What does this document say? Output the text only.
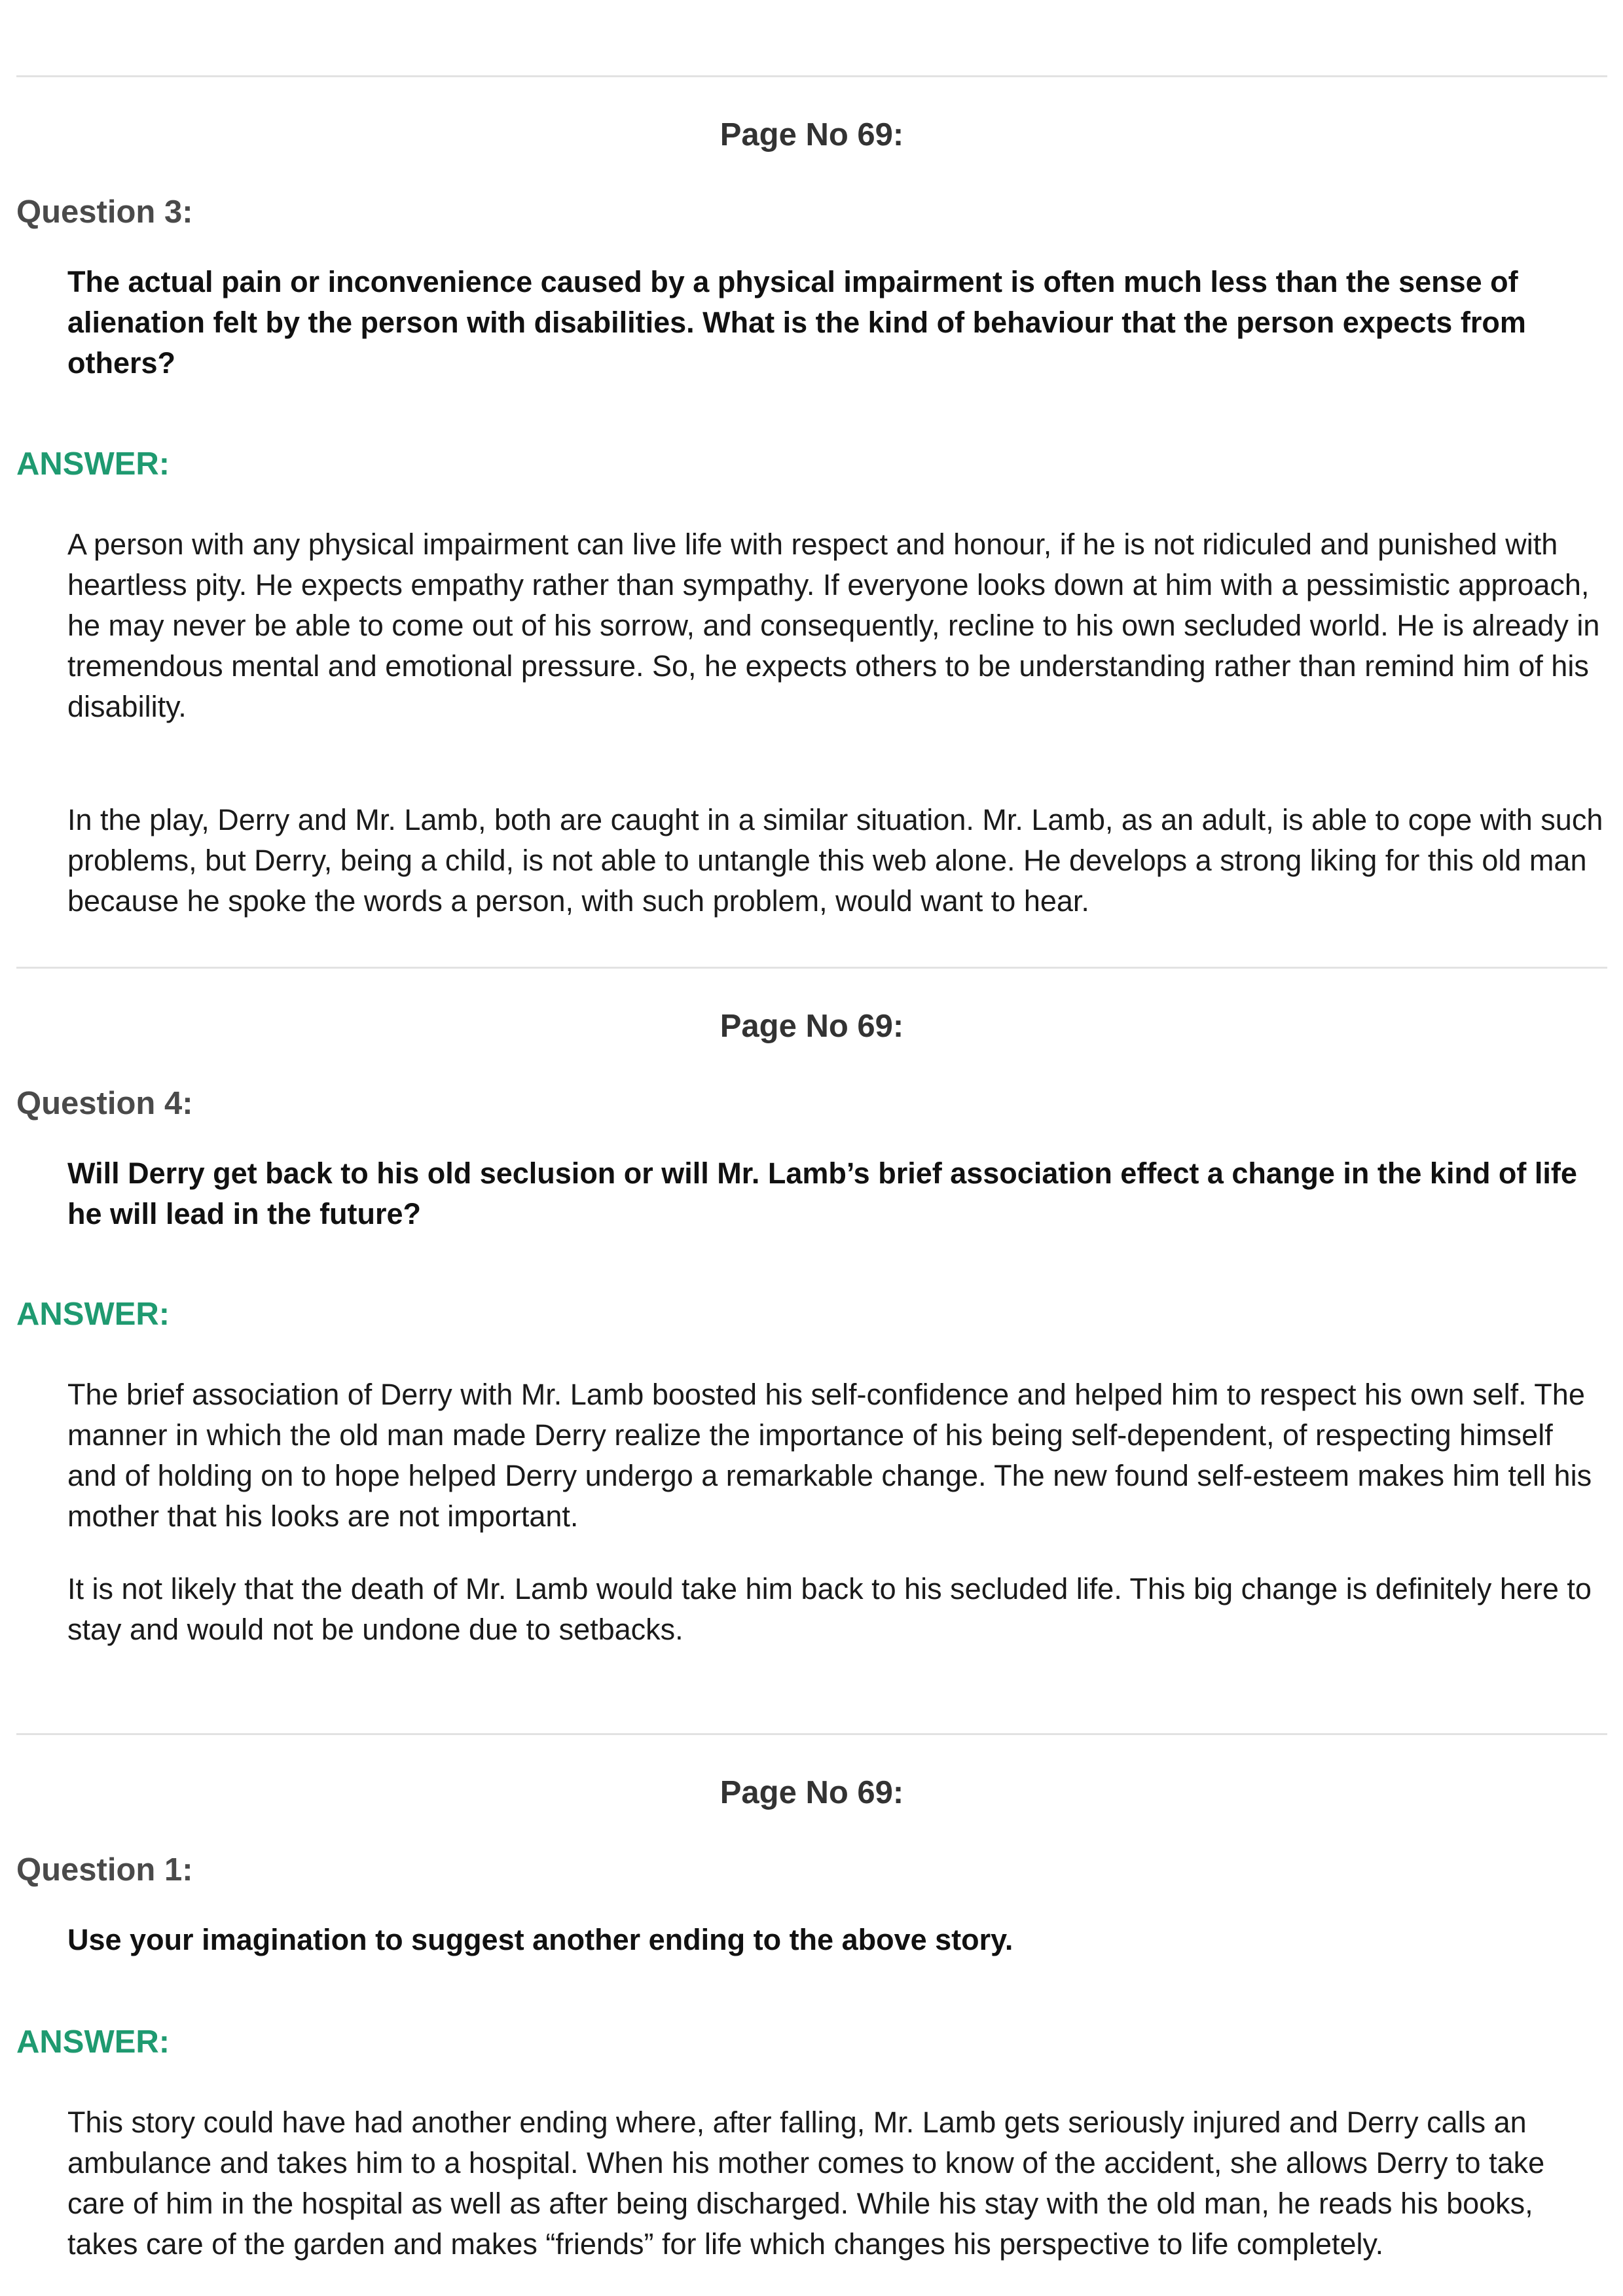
Page No 69:
Question 3:
The actual pain or inconvenience caused by a physical impairment is often much less than the sense of alienation felt by the person with disabilities. What is the kind of behaviour that the person expects from others?
ANSWER:
A person with any physical impairment can live life with respect and honour, if he is not ridiculed and punished with heartless pity. He expects empathy rather than sympathy. If everyone looks down at him with a pessimistic approach, he may never be able to come out of his sorrow, and consequently, recline to his own secluded world. He is already in tremendous mental and emotional pressure. So, he expects others to be understanding rather than remind him of his disability.
In the play, Derry and Mr. Lamb, both are caught in a similar situation. Mr. Lamb, as an adult, is able to cope with such problems, but Derry, being a child, is not able to untangle this web alone. He develops a strong liking for this old man because he spoke the words a person, with such problem, would want to hear.
Page No 69:
Question 4:
Will Derry get back to his old seclusion or will Mr. Lamb’s brief association effect a change in the kind of life he will lead in the future?
ANSWER:
The brief association of Derry with Mr. Lamb boosted his self-confidence and helped him to respect his own self. The manner in which the old man made Derry realize the importance of his being self-dependent, of respecting himself and of holding on to hope helped Derry undergo a remarkable change. The new found self-esteem makes him tell his mother that his looks are not important.
It is not likely that the death of Mr. Lamb would take him back to his secluded life. This big change is definitely here to stay and would not be undone due to setbacks.
Page No 69:
Question 1:
Use your imagination to suggest another ending to the above story.
ANSWER:
This story could have had another ending where, after falling, Mr. Lamb gets seriously injured and Derry calls an ambulance and takes him to a hospital. When his mother comes to know of the accident, she allows Derry to take care of him in the hospital as well as after being discharged. While his stay with the old man, he reads his books, takes care of the garden and makes “friends” for life which changes his perspective to life completely.
